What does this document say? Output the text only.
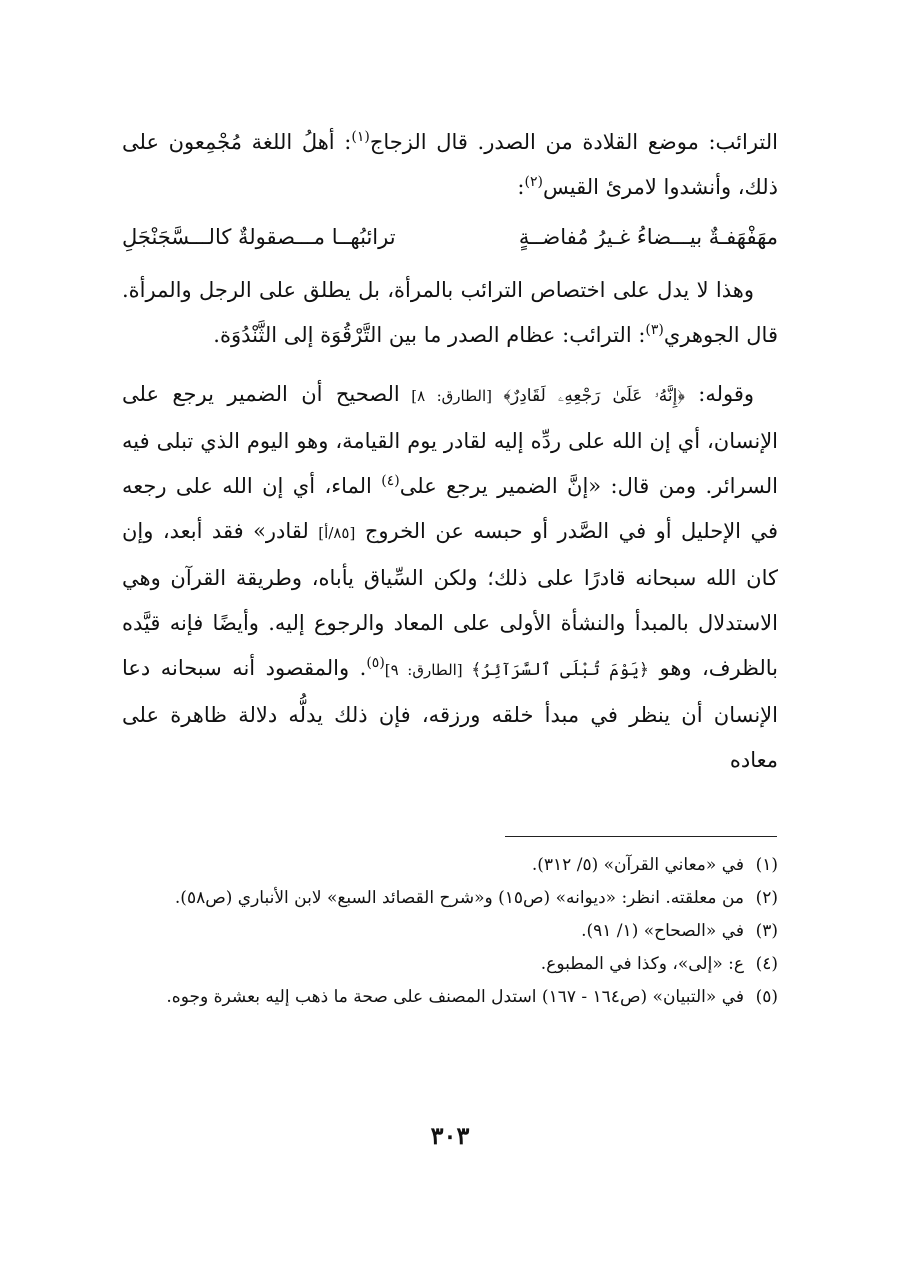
الترائب: موضع القلادة من الصدر. قال الزجاج$^{(١)}$: أهلُ اللغة مُجْمِعون على ذلك، وأنشدوا لامرئ القيس$^{(٢)}$:

مهَفْهَفـةٌ بيـــضاءُ غـيرُ مُفاضــةٍ
ترائبُهــا مـــصقولةٌ كالـــسَّجَنْجَلِ

وهذا لا يدل على اختصاص الترائب بالمرأة، بل يطلق على الرجل والمرأة. قال الجوهري$^{(٣)}$: الترائب: عظام الصدر ما بين التَّرْقُوَة إلى الثَّنْدُوَة.

وقوله: ﴿إِنَّهُۥ عَلَىٰ رَجْعِهِۦ لَقَادِرٌ﴾ [الطارق: ٨] الصحيح أن الضمير يرجع على الإنسان، أي إن الله على ردِّه إليه لقادر يوم القيامة، وهو اليوم الذي تبلى فيه السرائر. ومن قال: «إنَّ الضمير يرجع على$^{(٤)}$ الماء، أي إن الله على رجعه في الإحليل أو في الصَّدر أو حبسه عن الخروج [٨٥/أ] لقادر» فقد أبعد، وإن كان الله سبحانه قادرًا على ذلك؛ ولكن السِّياق يأباه، وطريقة القرآن وهي الاستدلال بالمبدأ والنشأة الأولى على المعاد والرجوع إليه. وأيضًا فإنه قيَّده بالظرف، وهو ﴿يَوْمَ تُبْلَى ٱلسَّرَآئِرُ﴾ [الطارق: ٩]$^{(٥)}$. والمقصود أنه سبحانه دعا الإنسان أن ينظر في مبدأ خلقه ورزقه، فإن ذلك يدلُّه دلالة ظاهرة على معاده

(١)
في «معاني القرآن» (٥/ ٣١٢).
(٢)
من معلقته. انظر: «ديوانه» (ص١٥) و«شرح القصائد السبع» لابن الأنباري (ص٥٨).
(٣)
في «الصحاح» (١/ ٩١).
(٤)
ع: «إلى»، وكذا في المطبوع.
(٥)
في «التبيان» (ص١٦٤ - ١٦٧) استدل المصنف على صحة ما ذهب إليه بعشرة وجوه.
٣٠٣
